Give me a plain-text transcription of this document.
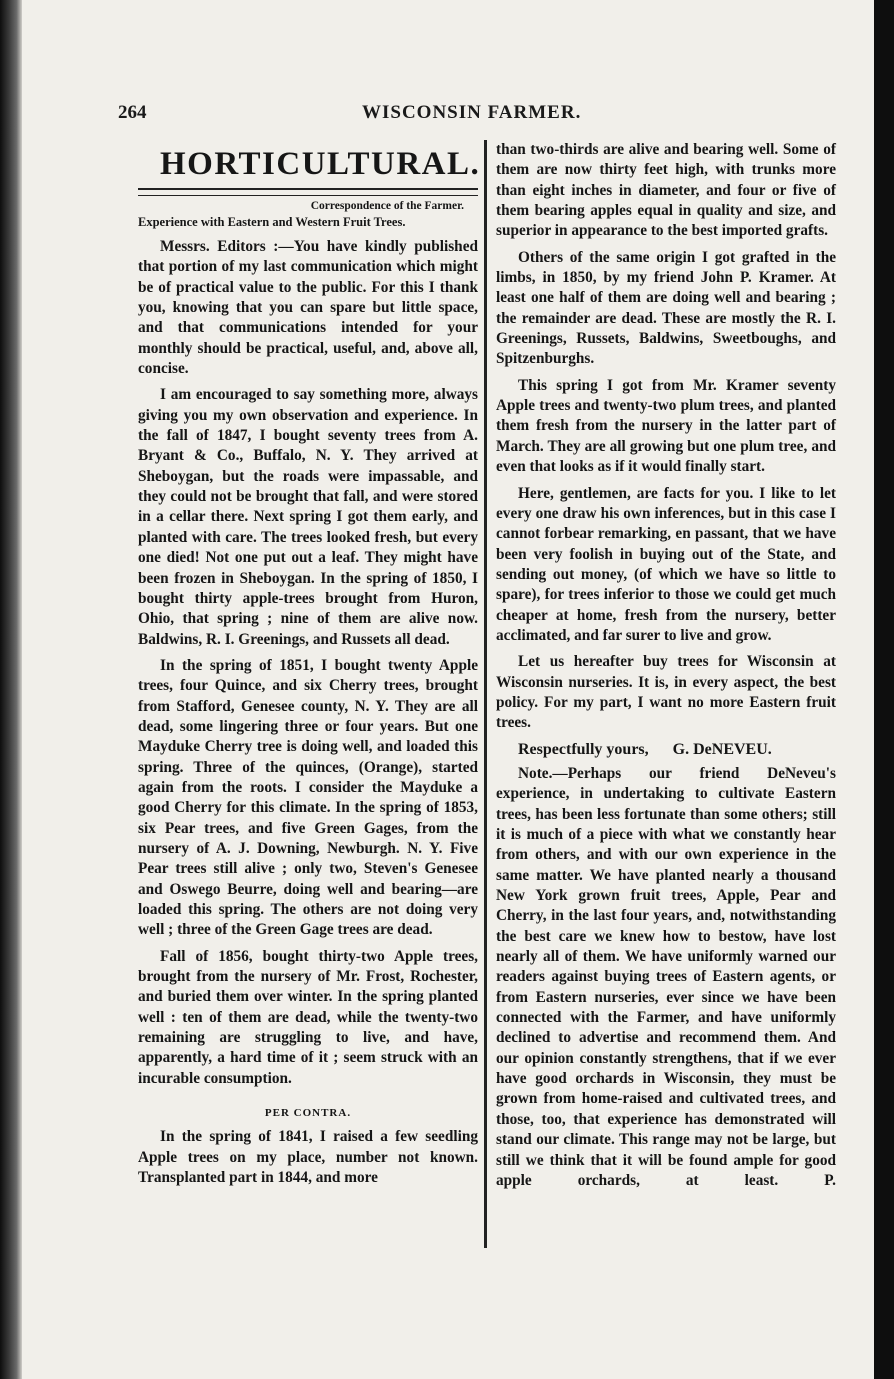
264	WISCONSIN FARMER.

HORTICULTURAL.

Correspondence of the Farmer.

Experience with Eastern and Western Fruit Trees.

Messrs. Editors :—You have kindly published that portion of my last communication which might be of practical value to the public. For this I thank you, knowing that you can spare but little space, and that communications intended for your monthly should be practical, useful, and, above all, concise.

I am encouraged to say something more, always giving you my own observation and experience. In the fall of 1847, I bought seventy trees from A. Bryant & Co., Buffalo, N. Y. They arrived at Sheboygan, but the roads were impassable, and they could not be brought that fall, and were stored in a cellar there. Next spring I got them early, and planted with care. The trees looked fresh, but every one died! Not one put out a leaf. They might have been frozen in Sheboygan. In the spring of 1850, I bought thirty apple-trees brought from Huron, Ohio, that spring ; nine of them are alive now. Baldwins, R. I. Greenings, and Russets all dead.

In the spring of 1851, I bought twenty Apple trees, four Quince, and six Cherry trees, brought from Stafford, Genesee county, N. Y. They are all dead, some lingering three or four years. But one Mayduke Cherry tree is doing well, and loaded this spring. Three of the quinces, (Orange), started again from the roots. I consider the Mayduke a good Cherry for this climate. In the spring of 1853, six Pear trees, and five Green Gages, from the nursery of A. J. Downing, Newburgh. N. Y. Five Pear trees still alive ; only two, Steven's Genesee and Oswego Beurre, doing well and bearing—are loaded this spring. The others are not doing very well ; three of the Green Gage trees are dead.

Fall of 1856, bought thirty-two Apple trees, brought from the nursery of Mr. Frost, Rochester, and buried them over winter. In the spring planted well : ten of them are dead, while the twenty-two remaining are struggling to live, and have, apparently, a hard time of it ; seem struck with an incurable consumption.

PER CONTRA.

In the spring of 1841, I raised a few seedling Apple trees on my place, number not known. Transplanted part in 1844, and more

than two-thirds are alive and bearing well. Some of them are now thirty feet high, with trunks more than eight inches in diameter, and four or five of them bearing apples equal in quality and size, and superior in appearance to the best imported grafts.

Others of the same origin I got grafted in the limbs, in 1850, by my friend John P. Kramer. At least one half of them are doing well and bearing ; the remainder are dead. These are mostly the R. I. Greenings, Russets, Baldwins, Sweetboughs, and Spitzenburghs.

This spring I got from Mr. Kramer seventy Apple trees and twenty-two plum trees, and planted them fresh from the nursery in the latter part of March. They are all growing but one plum tree, and even that looks as if it would finally start.

Here, gentlemen, are facts for you. I like to let every one draw his own inferences, but in this case I cannot forbear remarking, en passant, that we have been very foolish in buying out of the State, and sending out money, (of which we have so little to spare), for trees inferior to those we could get much cheaper at home, fresh from the nursery, better acclimated, and far surer to live and grow.

Let us hereafter buy trees for Wisconsin at Wisconsin nurseries. It is, in every aspect, the best policy. For my part, I want no more Eastern fruit trees.

Respectfully yours,      G. DeNEVEU.

Note.—Perhaps our friend DeNeveu's experience, in undertaking to cultivate Eastern trees, has been less fortunate than some others; still it is much of a piece with what we constantly hear from others, and with our own experience in the same matter. We have planted nearly a thousand New York grown fruit trees, Apple, Pear and Cherry, in the last four years, and, notwithstanding the best care we knew how to bestow, have lost nearly all of them. We have uniformly warned our readers against buying trees of Eastern agents, or from Eastern nurseries, ever since we have been connected with the Farmer, and have uniformly declined to advertise and recommend them. And our opinion constantly strengthens, that if we ever have good orchards in Wisconsin, they must be grown from home-raised and cultivated trees, and those, too, that experience has demonstrated will stand our climate. This range may not be large, but still we think that it will be found ample for good apple orchards, at least. P.
